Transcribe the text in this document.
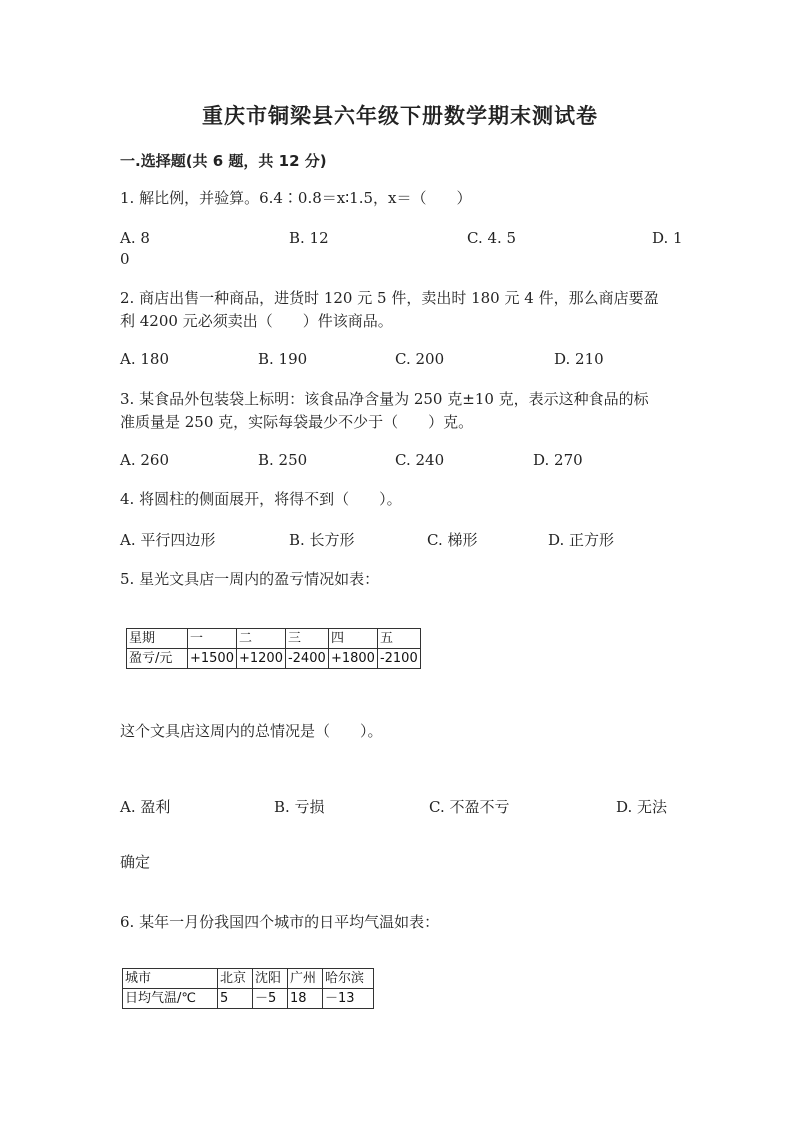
重庆市铜梁县六年级下册数学期末测试卷
一.选择题(共 6 题，共 12 分)
1. 解比例，并验算。6.4∶0.8＝x∶1.5，x＝（　　）
A. 8	B. 12	C. 4. 5	D. 1
0
2. 商店出售一种商品，进货时 120 元 5 件，卖出时 180 元 4 件，那么商店要盈
利 4200 元必须卖出（　　）件该商品。
A. 180	B. 190	C. 200	D. 210
3. 某食品外包装袋上标明：该食品净含量为 250 克±10 克，表示这种食品的标
准质量是 250 克，实际每袋最少不少于（　　）克。
A. 260	B. 250	C. 240	D. 270
4. 将圆柱的侧面展开，将得不到（　　）。
A. 平行四边形	B. 长方形	C. 梯形	D. 正方形
5. 星光文具店一周内的盈亏情况如表：
星期	一	二	三	四	五
盈亏/元	+1500	+1200	-2400	+1800	-2100
这个文具店这周内的总情况是（　　）。
A. 盈利	B. 亏损	C. 不盈不亏	D. 无法
确定
6. 某年一月份我国四个城市的日平均气温如表：
城市	北京	沈阳	广州	哈尔滨
日均气温/℃	5	－5	18	－13
